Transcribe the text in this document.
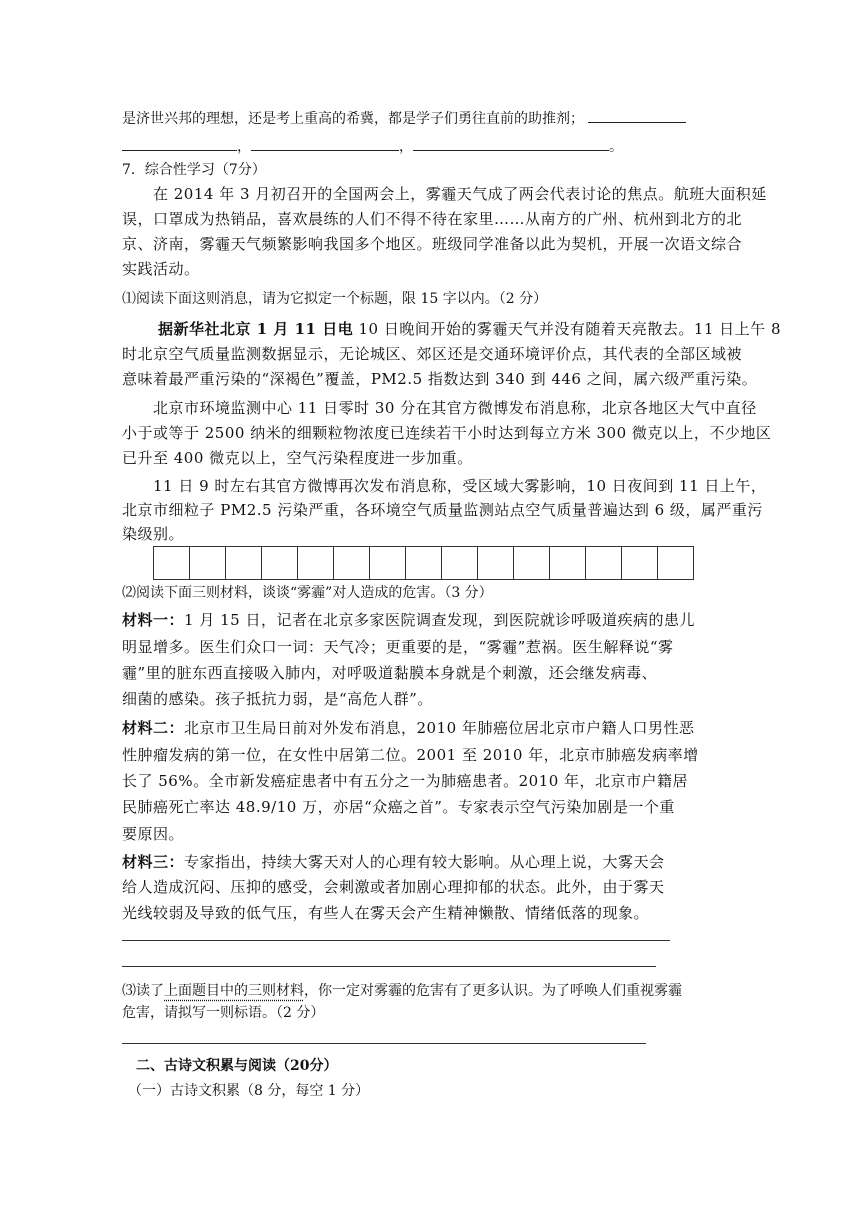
是济世兴邦的理想，还是考上重高的希冀，都是学子们勇往直前的助推剂；
，	，	。
7．综合性学习（7分）
在 2014 年 3 月初召开的全国两会上，雾霾天气成了两会代表讨论的焦点。航班大面积延
误，口罩成为热销品，喜欢晨练的人们不得不待在家里……从南方的广州、杭州到北方的北
京、济南，雾霾天气频繁影响我国多个地区。班级同学准备以此为契机，开展一次语文综合
实践活动。
⑴阅读下面这则消息，请为它拟定一个标题，限 15 字以内。（2 分）
据新华社北京 1 月 11 日电 10 日晚间开始的雾霾天气并没有随着天亮散去。11 日上午 8
时北京空气质量监测数据显示，无论城区、郊区还是交通环境评价点，其代表的全部区域被
意味着最严重污染的“深褐色”覆盖，PM2.5 指数达到 340 到 446 之间，属六级严重污染。
北京市环境监测中心 11 日零时 30 分在其官方微博发布消息称，北京各地区大气中直径
小于或等于 2500 纳米的细颗粒物浓度已连续若干小时达到每立方米 300 微克以上，不少地区
已升至 400 微克以上，空气污染程度进一步加重。
11 日 9 时左右其官方微博再次发布消息称，受区域大雾影响，10 日夜间到 11 日上午，
北京市细粒子 PM2.5 污染严重，各环境空气质量监测站点空气质量普遍达到 6 级，属严重污
染级别。
⑵阅读下面三则材料，谈谈“雾霾”对人造成的危害。（3 分）
材料一：1 月 15 日，记者在北京多家医院调查发现，到医院就诊呼吸道疾病的患儿
明显增多。医生们众口一词：天气冷；更重要的是，“雾霾”惹祸。医生解释说“雾
霾”里的脏东西直接吸入肺内，对呼吸道黏膜本身就是个刺激，还会继发病毒、
细菌的感染。孩子抵抗力弱，是“高危人群”。
材料二：北京市卫生局日前对外发布消息，2010 年肺癌位居北京市户籍人口男性恶
性肿瘤发病的第一位，在女性中居第二位。2001 至 2010 年，北京市肺癌发病率增
长了 56%。全市新发癌症患者中有五分之一为肺癌患者。2010 年，北京市户籍居
民肺癌死亡率达 48.9/10 万，亦居“众癌之首”。专家表示空气污染加剧是一个重
要原因。
材料三：专家指出，持续大雾天对人的心理有较大影响。从心理上说，大雾天会
给人造成沉闷、压抑的感受，会刺激或者加剧心理抑郁的状态。此外，由于雾天
光线较弱及导致的低气压，有些人在雾天会产生精神懒散、情绪低落的现象。
⑶读了上面题目中的三则材料，你一定对雾霾的危害有了更多认识。为了呼唤人们重视雾霾
危害，请拟写一则标语。（2 分）
二、古诗文积累与阅读（20分）
（一）古诗文积累（8 分，每空 1 分）
